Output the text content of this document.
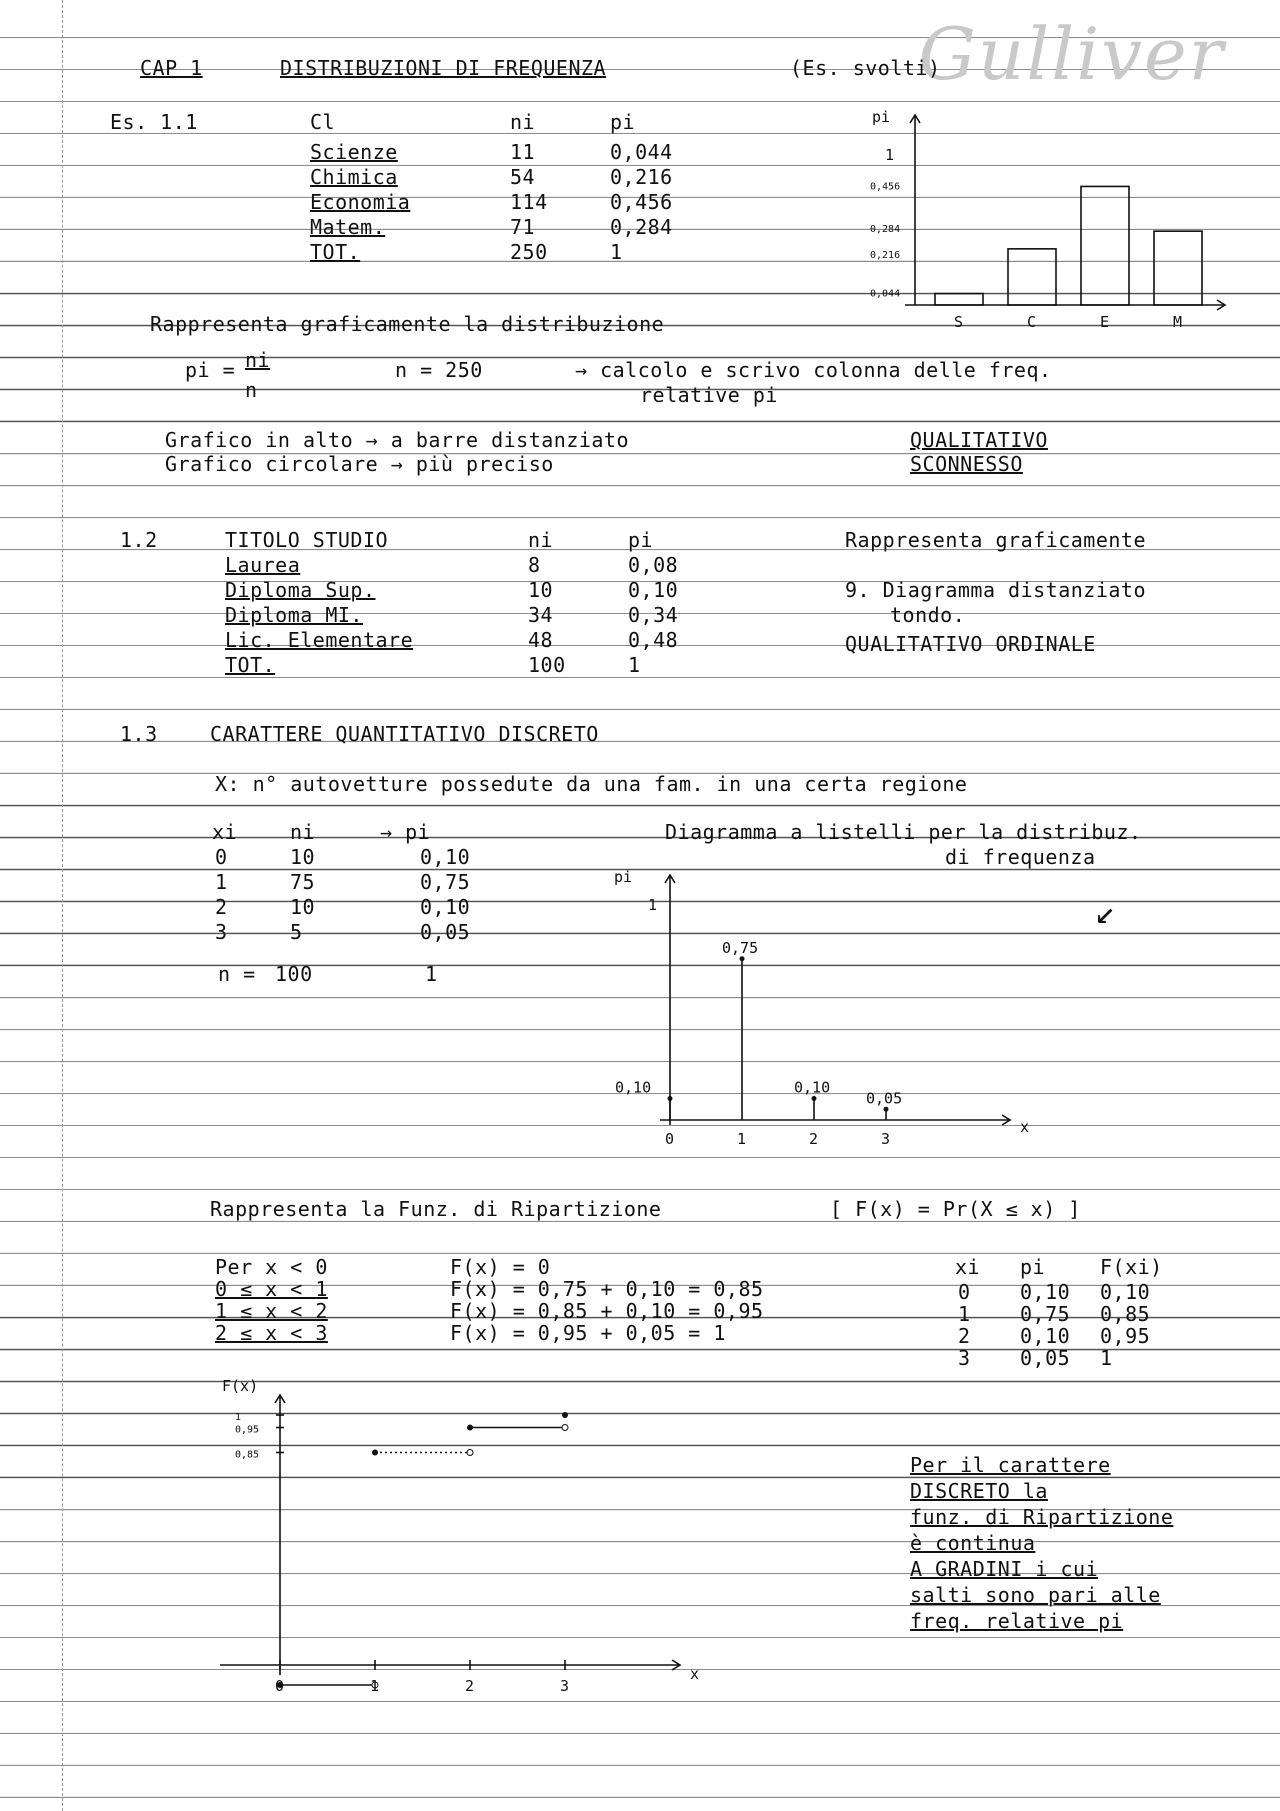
Gulliver
CAP 1	DISTRIBUZIONI DI FREQUENZA	(Es. svolti)
Es. 1.1	Cl	ni	pi
Scienze	11	0,044
Chimica	54	0,216
Economia	114	0,456
Matem.	71	0,284
TOT.	250	1
pi
1
0,456
0,284
0,216
0,044
S	C	E	M
Rappresenta graficamente la distribuzione
pi = ni
n
n = 250	→ calcolo e scrivo colonna delle freq.
relative pi
Grafico in alto → a barre distanziato
Grafico circolare → più preciso
QUALITATIVO
SCONNESSO
1.2	TITOLO STUDIO	ni	pi
Laurea	8	0,08
Diploma Sup.	10	0,10
Diploma MI.	34	0,34
Lic. Elementare	48	0,48
TOT.	100	1
Rappresenta graficamente
9. Diagramma distanziato
tondo.
QUALITATIVO ORDINALE
1.3	CARATTERE QUANTITATIVO DISCRETO
X: n° autovetture possedute da una fam. in una certa regione
xi	ni	→ pi
0	10	0,10
1	75	0,75
2	10	0,10
3	5	0,05
n = 100	1
Diagramma a listelli per la distribuz.
di frequenza
↙
pi
x
1
0,10
0
0,75
1
0,10
2
0,05
3
Rappresenta la Funz. di Ripartizione	[ F(x) = Pr(X ≤ x) ]
Per x < 0	F(x) = 0
0 ≤ x < 1	F(x) = 0,75 + 0,10 = 0,85
1 ≤ x < 2	F(x) = 0,85 + 0,10 = 0,95
2 ≤ x < 3	F(x) = 0,95 + 0,05 = 1
xi pi	F(xi)
0 0,10 0,10
1 0,75 0,85
2 0,10 0,95
3 0,05 1
F(x)
x
1
0,95
0,85
0	1	2	3
Per il carattere
DISCRETO la
funz. di Ripartizione
è continua
A GRADINI i cui
salti sono pari alle
freq. relative pi
